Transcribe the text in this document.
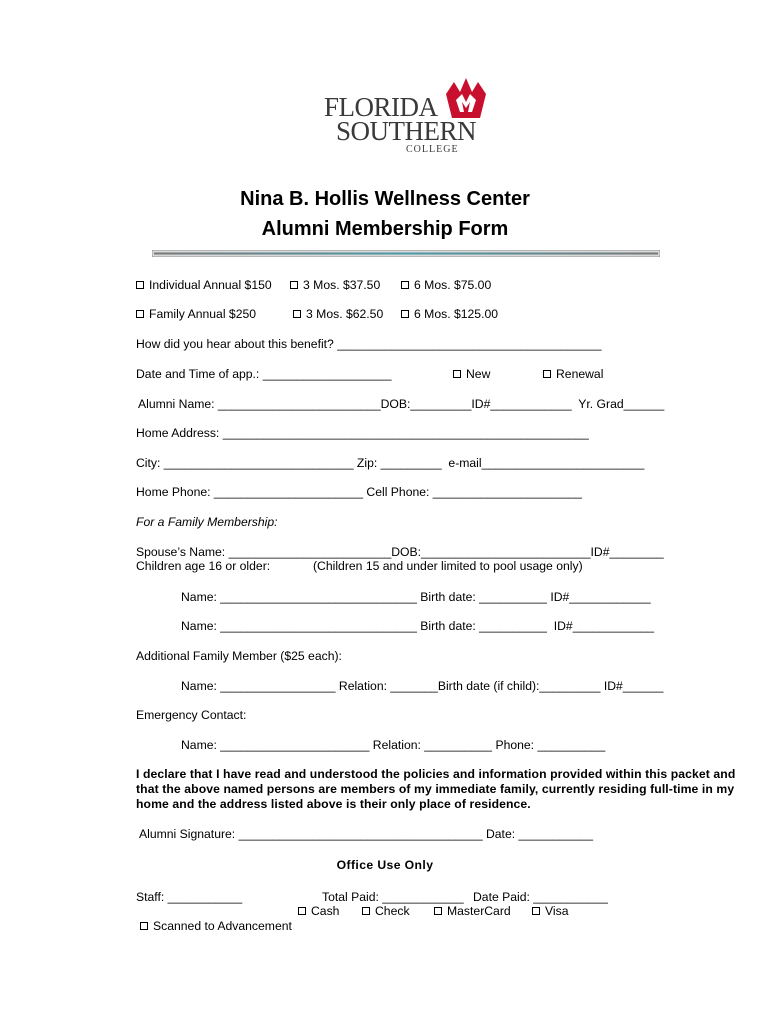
FLORIDA
SOUTHERN
COLLEGE
Nina B. Hollis Wellness Center
Alumni Membership Form
Individual Annual $150	3 Mos. $37.50	6 Mos. $75.00
Family Annual $250	3 Mos. $62.50	6 Mos. $125.00
How did you hear about this benefit? _______________________________________
Date and Time of app.: ___________________	New	Renewal
Alumni Name: ________________________DOB:_________ID#____________  Yr. Grad______
Home Address: ______________________________________________________
City: ____________________________ Zip: _________  e-mail________________________
Home Phone: ______________________ Cell Phone: ______________________
For a Family Membership:
Spouse’s Name: ________________________DOB:_________________________ID#________
Children age 16 or older:	(Children 15 and under limited to pool usage only)
Name: _____________________________ Birth date: __________ ID#____________
Name: _____________________________ Birth date: __________  ID#____________
Additional Family Member ($25 each):
Name: _________________ Relation: _______Birth date (if child):_________ ID#______
Emergency Contact:
Name: ______________________ Relation: __________ Phone: __________
I declare that I have read and understood the policies and information provided within this packet and that the above named persons are members of my immediate family, currently residing full-time in my home and the address listed above is their only place of residence.
Alumni Signature: ____________________________________ Date: ___________
Office Use Only
Staff: ___________	Total Paid: ____________ Date Paid: ___________
Cash	Check	MasterCard	Visa
Scanned to Advancement
